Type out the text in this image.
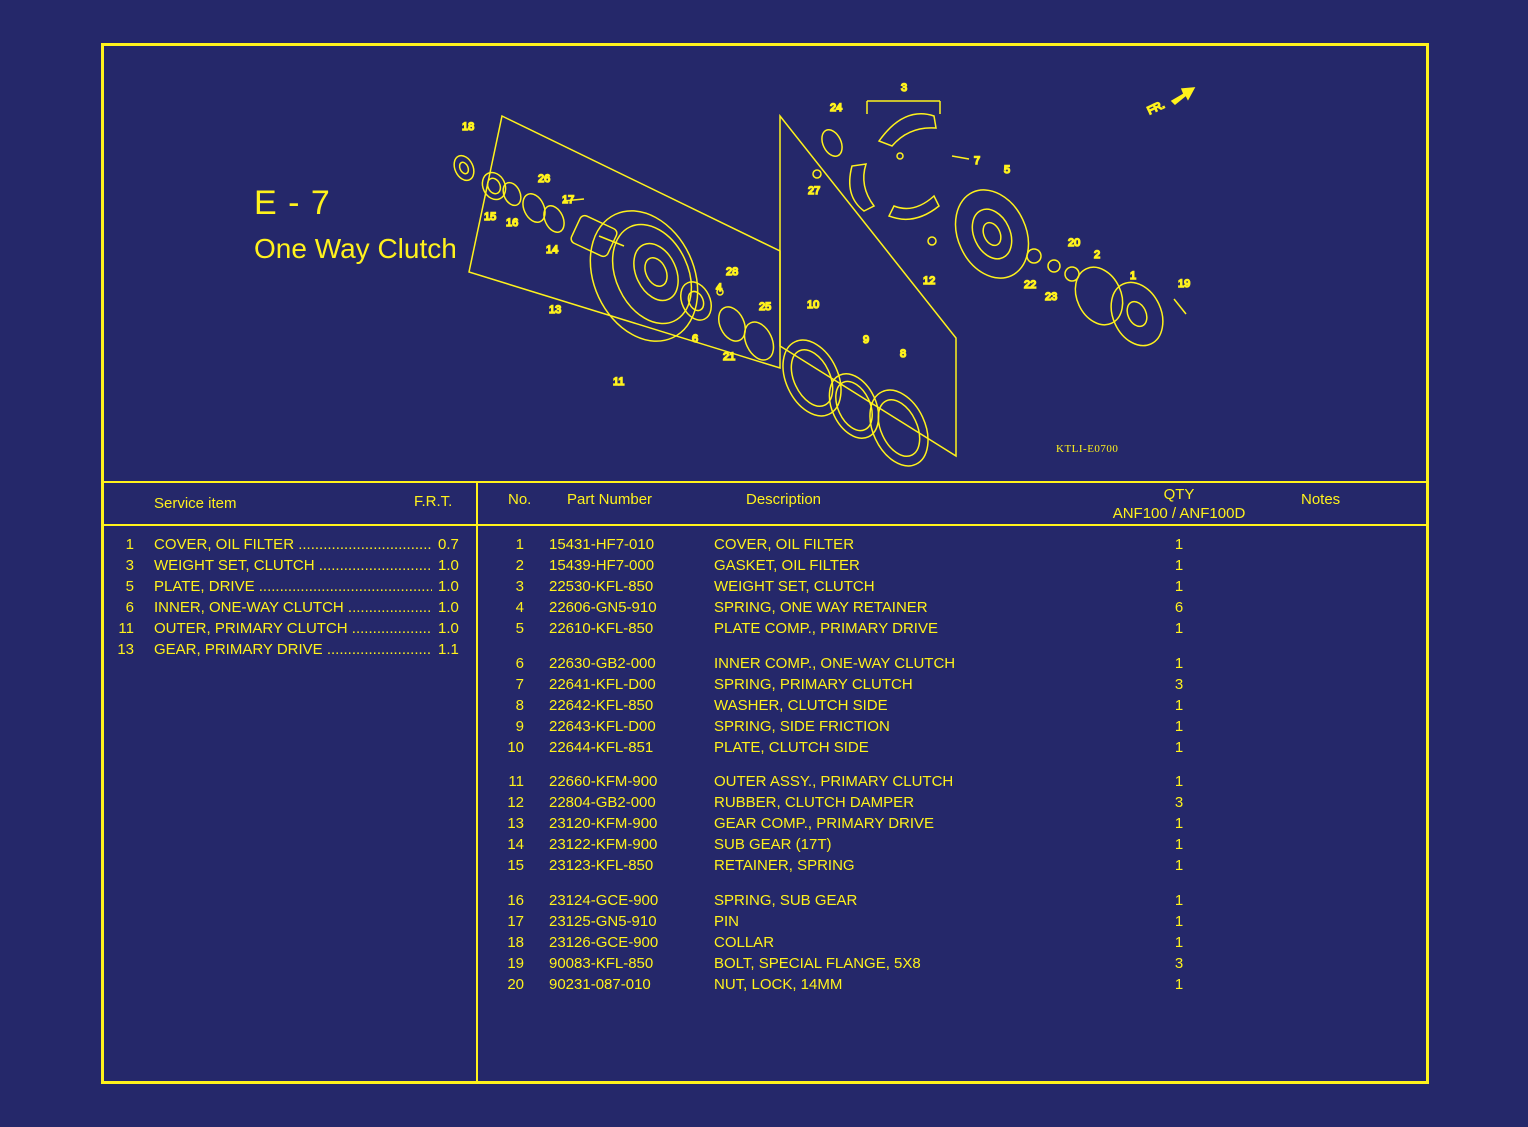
E - 7
One Way Clutch
18
15 16
26
17
14
13
11
28
4
6
21
25	10
9
8
24
3
7
27
5
12	22
23
20
2
1
19
FR.
KTLI-E0700
Service item	F.R.T.	No. Part Number	Description	QTY
ANF100 / ANF100D
Notes
1 COVER, OIL FILTER .....	0.7
3 WEIGHT SET, CLUTCH .....	1.0
5 PLATE, DRIVE .....	1.0
6 INNER, ONE-WAY CLUTCH .....	1.0
11 OUTER, PRIMARY CLUTCH .....	1.0
13 GEAR, PRIMARY DRIVE .....	1.1
1 15431-HF7-010	COVER, OIL FILTER	1
2 15439-HF7-000	GASKET, OIL FILTER	1
3 22530-KFL-850	WEIGHT SET, CLUTCH	1
4 22606-GN5-910	SPRING, ONE WAY RETAINER	6
5 22610-KFL-850	PLATE COMP., PRIMARY DRIVE	1
6 22630-GB2-000	INNER COMP., ONE-WAY CLUTCH	1
7 22641-KFL-D00	SPRING, PRIMARY CLUTCH	3
8 22642-KFL-850	WASHER, CLUTCH SIDE	1
9 22643-KFL-D00	SPRING, SIDE FRICTION	1
10 22644-KFL-851	PLATE, CLUTCH SIDE	1
11 22660-KFM-900	OUTER ASSY., PRIMARY CLUTCH	1
12 22804-GB2-000	RUBBER, CLUTCH DAMPER	3
13 23120-KFM-900	GEAR COMP., PRIMARY DRIVE	1
14 23122-KFM-900	SUB GEAR (17T)	1
15 23123-KFL-850	RETAINER, SPRING	1
16 23124-GCE-900	SPRING, SUB GEAR	1
17 23125-GN5-910	PIN	1
18 23126-GCE-900	COLLAR	1
19 90083-KFL-850	BOLT, SPECIAL FLANGE, 5X8	3
20 90231-087-010	NUT, LOCK, 14MM	1
